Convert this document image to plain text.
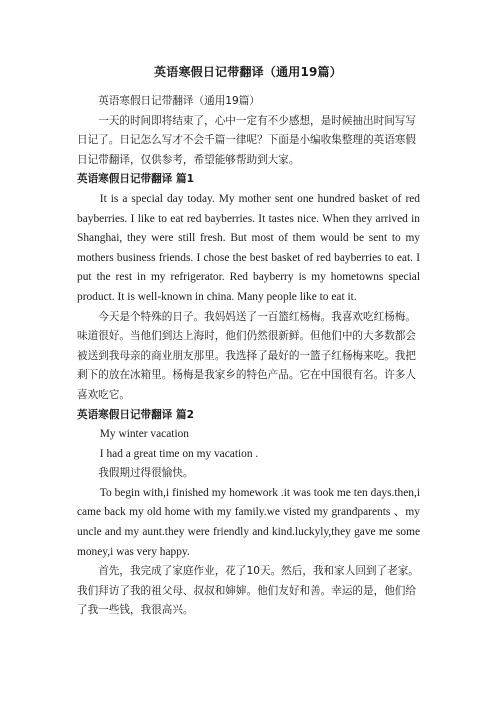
英语寒假日记带翻译（通用19篇）

英语寒假日记带翻译（通用19篇）

一天的时间即将结束了，心中一定有不少感想，是时候抽出时间写写日记了。日记怎么写才不会千篇一律呢？下面是小编收集整理的英语寒假日记带翻译，仅供参考，希望能够帮助到大家。

英语寒假日记带翻译 篇1

It is a special day today. My mother sent one hundred basket of red bayberries. I like to eat red bayberries. It tastes nice. When they arrived in Shanghai, they were still fresh. But most of them would be sent to my mothers business friends. I chose the best basket of red bayberries to eat. I put the rest in my refrigerator. Red bayberry is my hometowns special product. It is well-known in china. Many people like to eat it.

今天是个特殊的日子。我妈妈送了一百篮红杨梅。我喜欢吃红杨梅。味道很好。当他们到达上海时，他们仍然很新鲜。但他们中的大多数都会被送到我母亲的商业朋友那里。我选择了最好的一篮子红杨梅来吃。我把剩下的放在冰箱里。杨梅是我家乡的特色产品。它在中国很有名。许多人喜欢吃它。

英语寒假日记带翻译 篇2

My winter vacation

I had a great time on my vacation .

我假期过得很愉快。

To begin with,i finished my homework .it was took me ten days.then,i came back my old home with my family.we visted my grandparents 、my uncle and my aunt.they were friendly and kind.luckyly,they gave me some money,i was very happy.

首先，我完成了家庭作业，花了10天。然后，我和家人回到了老家。我们拜访了我的祖父母、叔叔和婶婶。他们友好和善。幸运的是，他们给了我一些钱，我很高兴。
